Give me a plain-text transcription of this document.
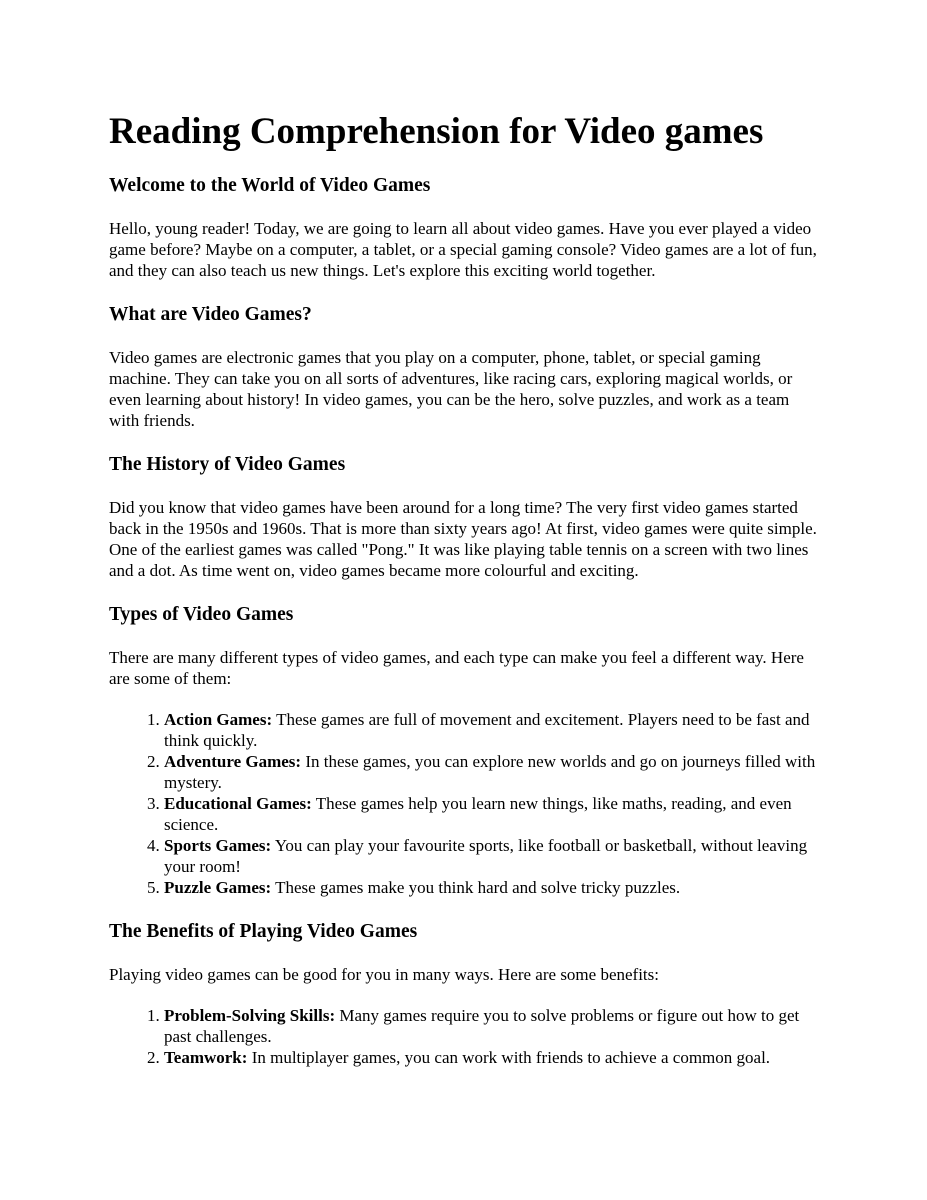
Reading Comprehension for Video games
Welcome to the World of Video Games

Hello, young reader! Today, we are going to learn all about video games. Have you ever played a video game before? Maybe on a computer, a tablet, or a special gaming console? Video games are a lot of fun, and they can also teach us new things. Let's explore this exciting world together.

What are Video Games?

Video games are electronic games that you play on a computer, phone, tablet, or special gaming machine. They can take you on all sorts of adventures, like racing cars, exploring magical worlds, or even learning about history! In video games, you can be the hero, solve puzzles, and work as a team with friends.

The History of Video Games

Did you know that video games have been around for a long time? The very first video games started back in the 1950s and 1960s. That is more than sixty years ago! At first, video games were quite simple. One of the earliest games was called "Pong." It was like playing table tennis on a screen with two lines and a dot. As time went on, video games became more colourful and exciting.

Types of Video Games

There are many different types of video games, and each type can make you feel a different way. Here are some of them:

1. Action Games: These games are full of movement and excitement. Players need to be fast and think quickly.
2. Adventure Games: In these games, you can explore new worlds and go on journeys filled with mystery.
3. Educational Games: These games help you learn new things, like maths, reading, and even science.
4. Sports Games: You can play your favourite sports, like football or basketball, without leaving your room!
5. Puzzle Games: These games make you think hard and solve tricky puzzles.
The Benefits of Playing Video Games

Playing video games can be good for you in many ways. Here are some benefits:

1. Problem-Solving Skills: Many games require you to solve problems or figure out how to get past challenges.
2. Teamwork: In multiplayer games, you can work with friends to achieve a common goal.
